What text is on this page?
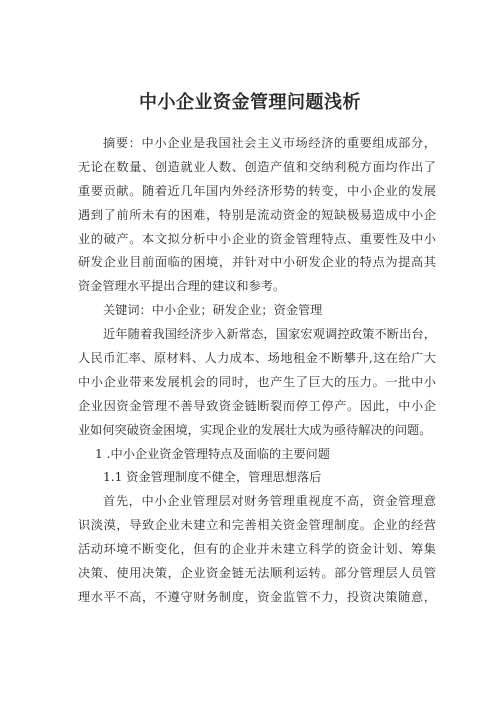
中小企业资金管理问题浅析
摘要：中小企业是我国社会主义市场经济的重要组成部分，
无论在数量、创造就业人数、创造产值和交纳利税方面均作出了
重要贡献。随着近几年国内外经济形势的转变，中小企业的发展
遇到了前所未有的困难，特别是流动资金的短缺极易造成中小企
业的破产。本文拟分析中小企业的资金管理特点、重要性及中小
研发企业目前面临的困境，并针对中小研发企业的特点为提高其
资金管理水平提出合理的建议和参考。
关键词：中小企业；研发企业；资金管理
近年随着我国经济步入新常态，国家宏观调控政策不断出台，
人民币汇率、原材料、人力成本、场地租金不断攀升,这在给广大
中小企业带来发展机会的同时，也产生了巨大的压力。一批中小
企业因资金管理不善导致资金链断裂而停工停产。因此，中小企
业如何突破资金困境，实现企业的发展壮大成为亟待解决的问题。
1 .中小企业资金管理特点及面临的主要问题
1.1 资金管理制度不健全，管理思想落后
首先，中小企业管理层对财务管理重视度不高，资金管理意
识淡漠，导致企业未建立和完善相关资金管理制度。企业的经营
活动环境不断变化，但有的企业并未建立科学的资金计划、筹集
决策、使用决策，企业资金链无法顺利运转。部分管理层人员管
理水平不高，不遵守财务制度，资金监管不力，投资决策随意，
